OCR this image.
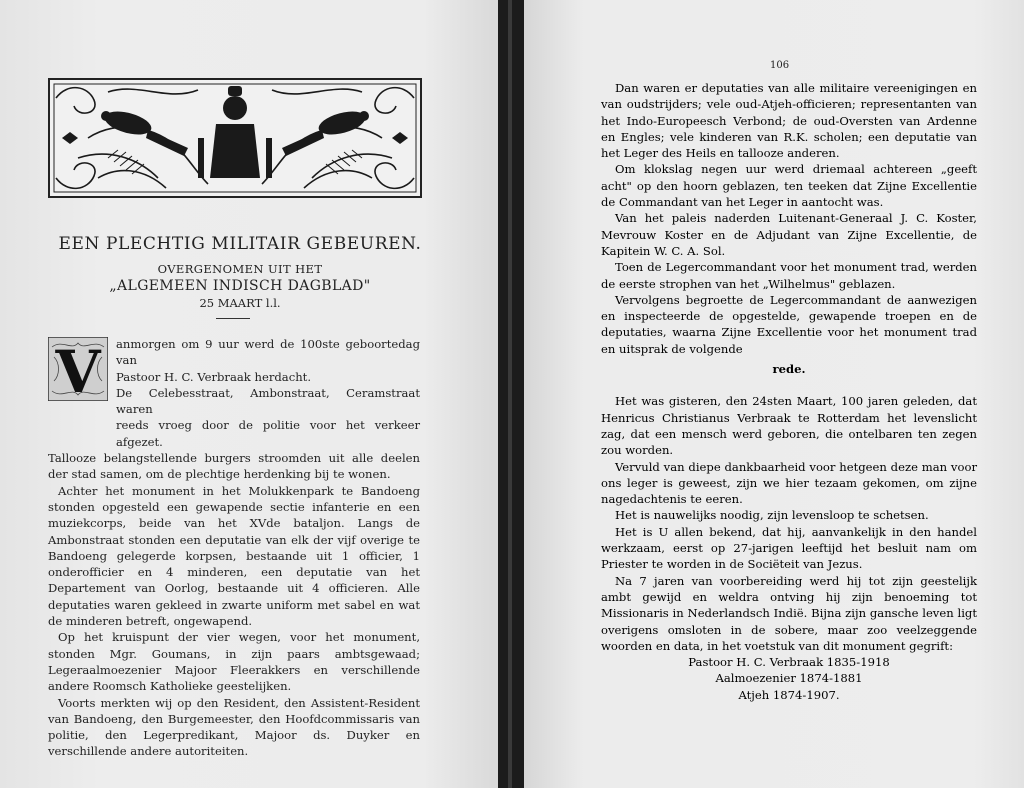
EEN PLECHTIG MILITAIR GEBEUREN.
OVERGENOMEN UIT HET
„ALGEMEEN INDISCH DAGBLAD"
25 MAART l.l.
V	anmorgen om 9 uur werd de 100ste geboortedag van

Pastoor H. C. Verbraak herdacht.

De Celebesstraat, Ambonstraat, Ceramstraat waren

reeds vroeg door de politie voor het verkeer afgezet.

Tallooze belangstellende burgers stroomden uit alle deelen der stad samen, om de plechtige herdenking bij te wonen.

Achter het monument in het Molukkenpark te Bandoeng stonden opgesteld een gewapende sectie infanterie en een muziekcorps, beide van het XVde bataljon. Langs de Ambonstraat stonden een deputatie van elk der vijf overige te Bandoeng gelegerde korpsen, bestaande uit 1 officier, 1 onderofficier en 4 minderen, een deputatie van het Departement van Oorlog, bestaande uit 4 officieren. Alle deputaties waren gekleed in zwarte uniform met sabel en wat de minderen betreft, ongewapend.

Op het kruispunt der vier wegen, voor het monument, stonden Mgr. Goumans, in zijn paars ambtsgewaad; Legeraalmoezenier Majoor Fleerakkers en verschillende andere Roomsch Katholieke geestelijken.

Voorts merkten wij op den Resident, den Assistent-Resident van Bandoeng, den Burgemeester, den Hoofdcommissaris van politie, den Legerpredikant, Majoor ds. Duyker en verschillende andere autoriteiten.

106

Dan waren er deputaties van alle militaire vereenigingen en van oudstrijders; vele oud-Atjeh-officieren; representanten van het Indo-Europeesch Verbond; de oud-Oversten van Ardenne en Engles; vele kinderen van R.K. scholen; een deputatie van het Leger des Heils en tallooze anderen.

Om klokslag negen uur werd driemaal achtereen „geeft acht" op den hoorn geblazen, ten teeken dat Zijne Excellentie de Commandant van het Leger in aantocht was.

Van het paleis naderden Luitenant-Generaal J. C. Koster, Mevrouw Koster en de Adjudant van Zijne Excellentie, de Kapitein W. C. A. Sol.

Toen de Legercommandant voor het monument trad, werden de eerste strophen van het „Wilhelmus" geblazen.

Vervolgens begroette de Legercommandant de aanwezigen en inspecteerde de opgestelde, gewapende troepen en de deputaties, waarna Zijne Excellentie voor het monument trad en uitsprak de volgende

rede.

Het was gisteren, den 24sten Maart, 100 jaren geleden, dat Henricus Christianus Verbraak te Rotterdam het levenslicht zag, dat een mensch werd geboren, die ontelbaren ten zegen zou worden.

Vervuld van diepe dankbaarheid voor hetgeen deze man voor ons leger is geweest, zijn we hier tezaam gekomen, om zijne nagedachtenis te eeren.

Het is nauwelijks noodig, zijn levensloop te schetsen.

Het is U allen bekend, dat hij, aanvankelijk in den handel werkzaam, eerst op 27-jarigen leeftijd het besluit nam om Priester te worden in de Sociëteit van Jezus.

Na 7 jaren van voorbereiding werd hij tot zijn geestelijk ambt gewijd en weldra ontving hij zijn benoeming tot Missionaris in Nederlandsch Indië. Bijna zijn gansche leven ligt overigens omsloten in de sobere, maar zoo veelzeggende woorden en data, in het voetstuk van dit monument gegrift:

Pastoor H. C. Verbraak 1835-1918

Aalmoezenier 1874-1881

Atjeh 1874-1907.
